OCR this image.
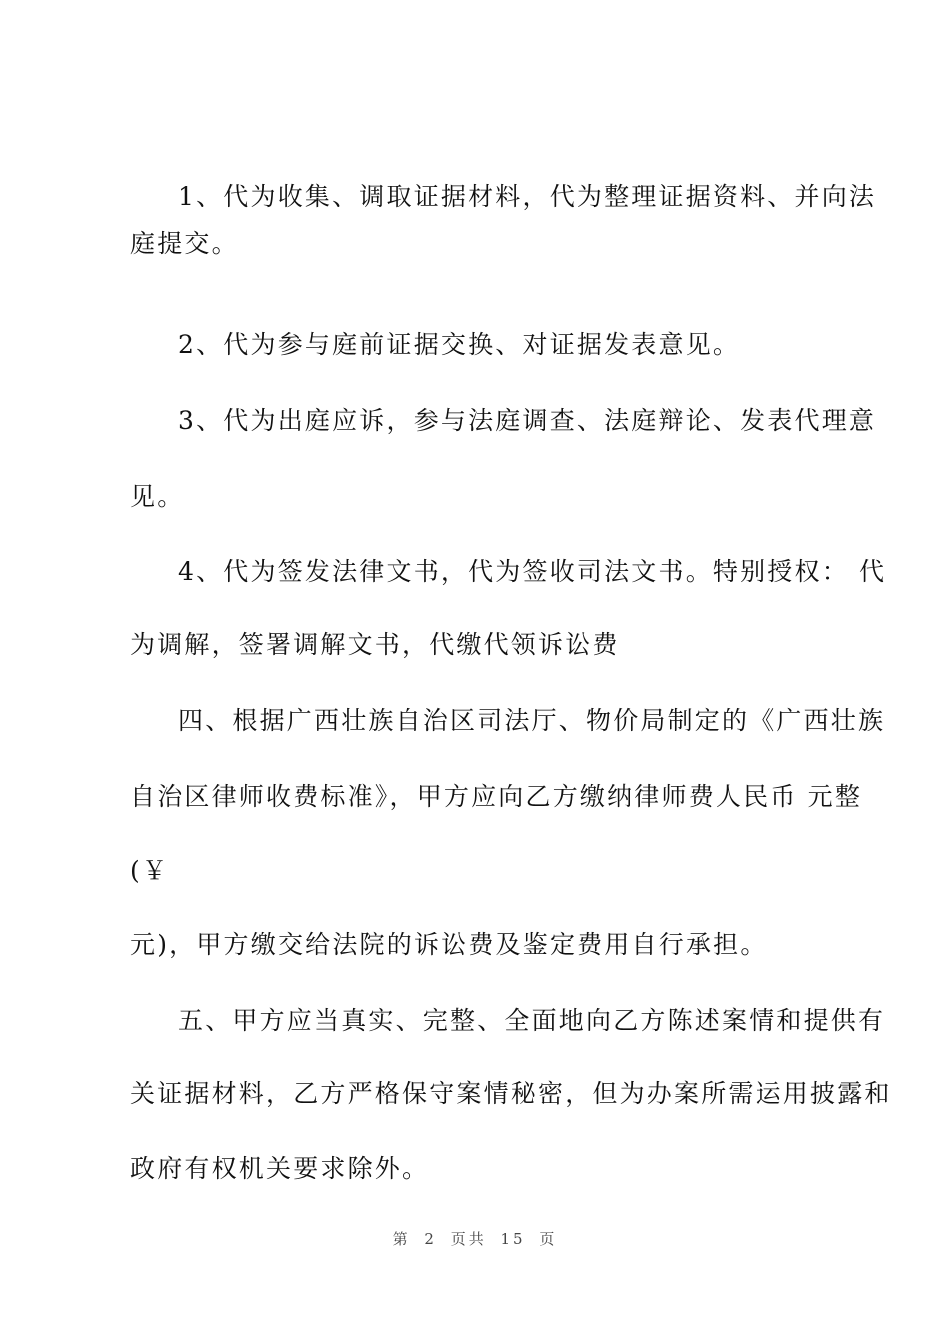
1、代为收集、调取证据材料，代为整理证据资料、并向法
庭提交。
2、代为参与庭前证据交换、对证据发表意见。
3、代为出庭应诉，参与法庭调查、法庭辩论、发表代理意
见。
4、代为签发法律文书，代为签收司法文书。特别授权： 代
为调解，签署调解文书，代缴代领诉讼费
四、根据广西壮族自治区司法厅、物价局制定的《广西壮族
自治区律师收费标准》，甲方应向乙方缴纳律师费人民币 元整
(￥
元)，甲方缴交给法院的诉讼费及鉴定费用自行承担。
五、甲方应当真实、完整、全面地向乙方陈述案情和提供有
关证据材料，乙方严格保守案情秘密，但为办案所需运用披露和
政府有权机关要求除外。
第 2 页共 15 页
